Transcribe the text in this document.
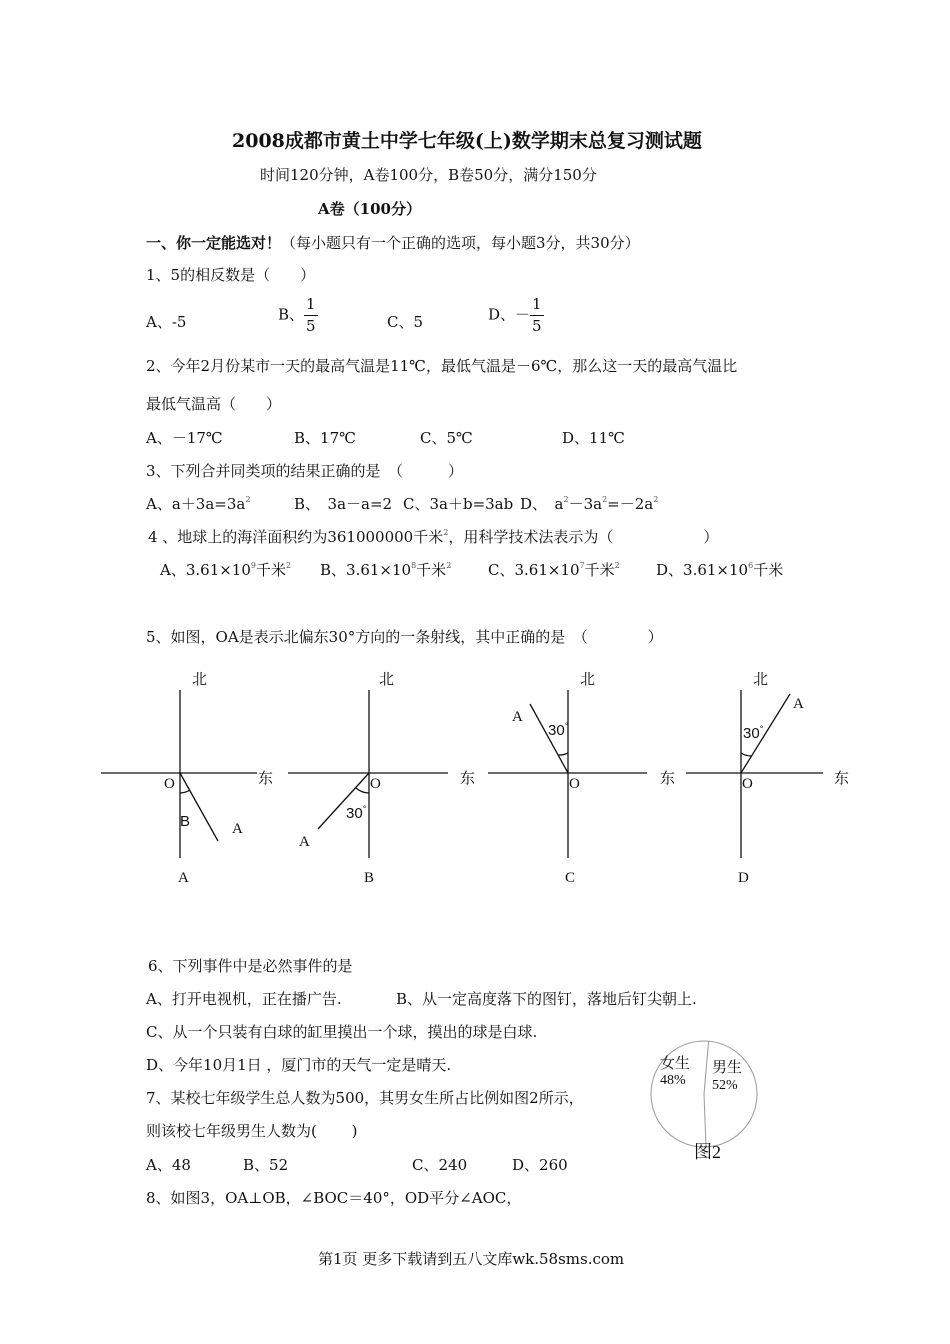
2008成都市黄土中学七年级(上)数学期末总复习测试题
时间120分钟，A卷100分，B卷50分，满分150分
A卷（100分）
一、你一定能选对！（每小题只有一个正确的选项，每小题3分，共30分）
1、5的相反数是（　　）
A、-5	B、 $\frac{1}{5}$	C、5	D、－ $\frac{1}{5}$
2、今年2月份某市一天的最高气温是11℃，最低气温是－6℃，那么这一天的最高气温比
最低气温高（　　）
A、－17℃	B、17℃	C、5℃	D、11℃
3、下列合并同类项的结果正确的是　（　　　）
A、$a+3a=3a^2$	B、　3a－a=2 C、3a＋b=3ab D、　$a^2-3a^2=-2a^2$
4 、地球上的海洋面积约为361000000千米$^2$，用科学技术法表示为（　　　　　　）
A、$3.61\times 10^9$千米$^2$ B、$3.61\times 10^8$千米$^2$ C、$3.61\times 10^7$千米$^2$ D、$3.61\times 10^6$千米
5、如图，OA是表示北偏东30°方向的一条射线，其中正确的是　（　　　　）
北
东
O
B	A
A
北
东
O
30°
A
B
北
东
O
30°
A
C
北
东
O
30°
A
D
6、下列事件中是必然事件的是
A、打开电视机，正在播广告.	B、从一定高度落下的图钉，落地后钉尖朝上.
C、从一个只装有白球的缸里摸出一个球，摸出的球是白球.
D、今年10月1日 ，厦门市的天气一定是晴天.
7、某校七年级学生总人数为500，其男女生所占比例如图2所示，
则该校七年级男生人数为(　　 )
A、48	B、52	C、240	D、260
女生
48%
男生
52%
图2
8、如图3，OA⊥OB，∠BOC＝40°，OD平分∠AOC，
第1页 更多下载请到五八文库wk.58sms.com
